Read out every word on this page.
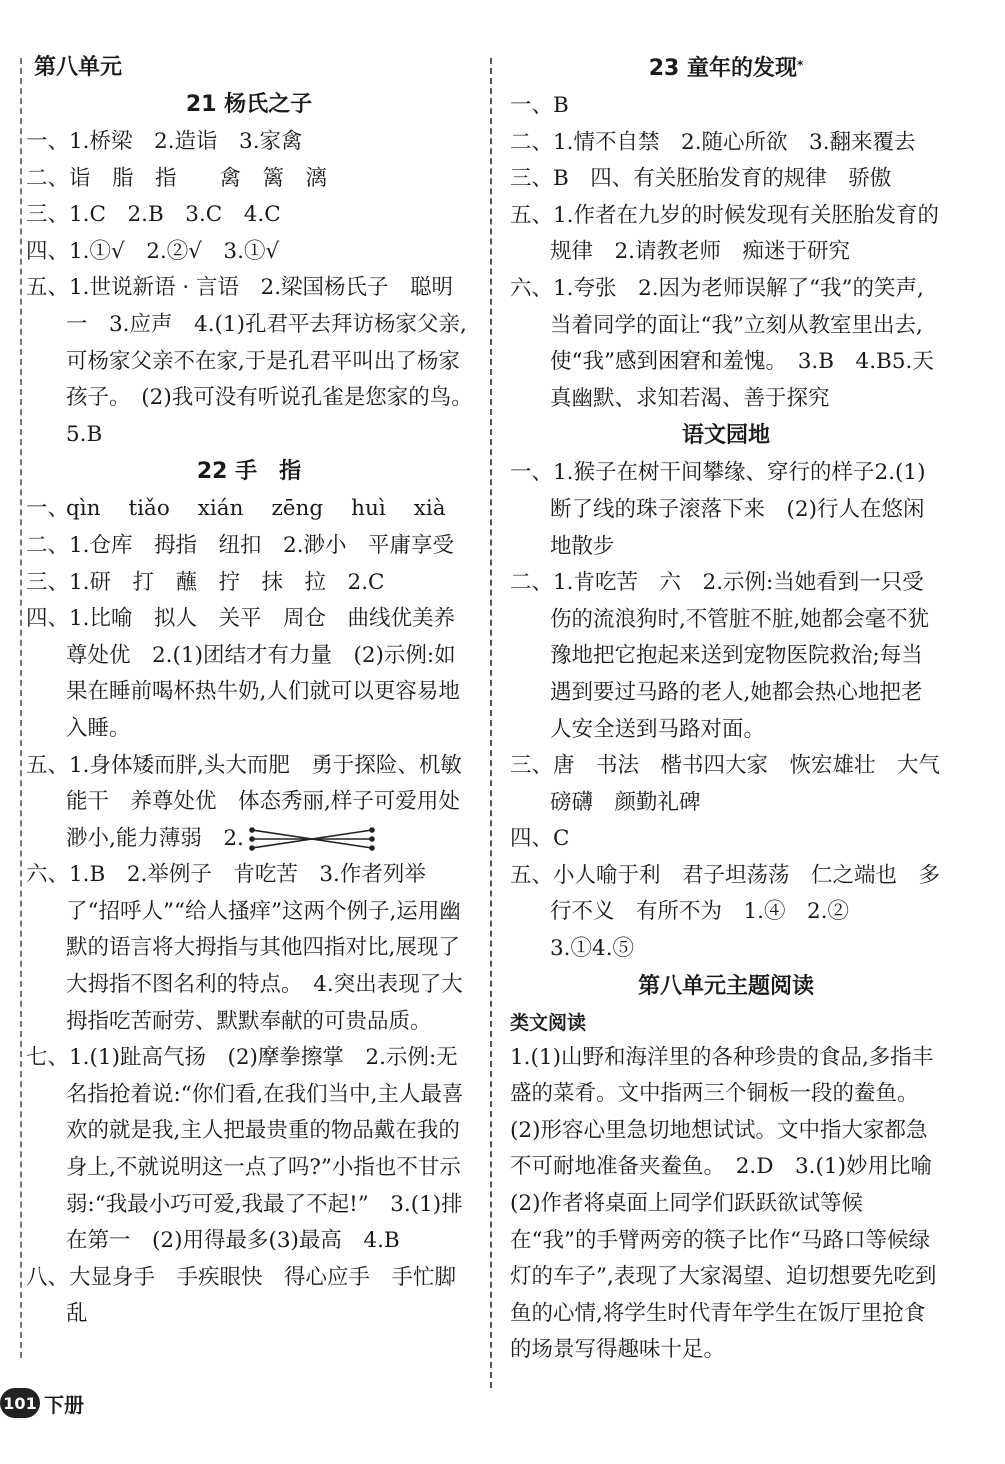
第八单元
21 杨氏之子

一、1.桥梁　2.造诣　3.家禽

二、诣　脂　指　　禽　篱　漓

三、1.C　2.B　3.C　4.C

四、1.①√　2.②√　3.①√

五、1.世说新语 · 言语　2.梁国杨氏子　聪明一　3.应声　4.(1)孔君平去拜访杨家父亲,可杨家父亲不在家,于是孔君平叫出了杨家孩子。　(2)我可没有听说孔雀是您家的鸟。　5.B

22 手　指
一、
qìn tiǎo xián zēng huì xià

二、1.仓库　拇指　纽扣　2.渺小　平庸享受

三、1.研　打　蘸　拧　抹　拉　2.C

四、1.比喻　拟人　关平　周仓　曲线优美养尊处优　2.(1)团结才有力量　(2)示例:如果在睡前喝杯热牛奶,人们就可以更容易地入睡。

五、1.身体矮而胖,头大而肥　勇于探险、机敏能干　养尊处优　体态秀丽,样子可爱用处渺小,能力薄弱　2.

六、1.B　2.举例子　肯吃苦　3.作者列举了“招呼人”“给人搔痒”这两个例子,运用幽默的语言将大拇指与其他四指对比,展现了大拇指不图名利的特点。　4.突出表现了大拇指吃苦耐劳、默默奉献的可贵品质。

七、1.(1)趾高气扬　(2)摩拳擦掌　2.示例:无名指抢着说:“你们看,在我们当中,主人最喜欢的就是我,主人把最贵重的物品戴在我的身上,不就说明这一点了吗?”小指也不甘示弱:“我最小巧可爱,我最了不起!”　3.(1)排在第一　(2)用得最多(3)最高　4.B

八、大显身手　手疾眼快　得心应手　手忙脚乱

23 童年的发现*

一、B

二、1.情不自禁　2.随心所欲　3.翻来覆去

三、B　四、有关胚胎发育的规律　骄傲

五、1.作者在九岁的时候发现有关胚胎发育的规律　2.请教老师　痴迷于研究

六、1.夸张　2.因为老师误解了“我”的笑声,当着同学的面让“我”立刻从教室里出去,使“我”感到困窘和羞愧。　3.B　4.B5.天真幽默、求知若渴、善于探究

语文园地

一、1.猴子在树干间攀缘、穿行的样子2.(1)断了线的珠子滚落下来　(2)行人在悠闲地散步

二、1.肯吃苦　六　2.示例:当她看到一只受伤的流浪狗时,不管脏不脏,她都会毫不犹豫地把它抱起来送到宠物医院救治;每当遇到要过马路的老人,她都会热心地把老人安全送到马路对面。

三、唐　书法　楷书四大家　恢宏雄壮　大气磅礴　颜勤礼碑

四、C

五、小人喻于利　君子坦荡荡　仁之端也　多行不义　有所不为　1.④　2.②　3.①4.⑤

第八单元主题阅读
类文阅读

1.(1)山野和海洋里的各种珍贵的食品,多指丰盛的菜肴。文中指两三个铜板一段的鲞鱼。(2)形容心里急切地想试试。文中指大家都急不可耐地准备夹鲞鱼。　2.D　3.(1)妙用比喻　(2)作者将桌面上同学们跃跃欲试等候在“我”的手臂两旁的筷子比作“马路口等候绿灯的车子”,表现了大家渴望、迫切想要先吃到鱼的心情,将学生时代青年学生在饭厅里抢食的场景写得趣味十足。

101 下册
